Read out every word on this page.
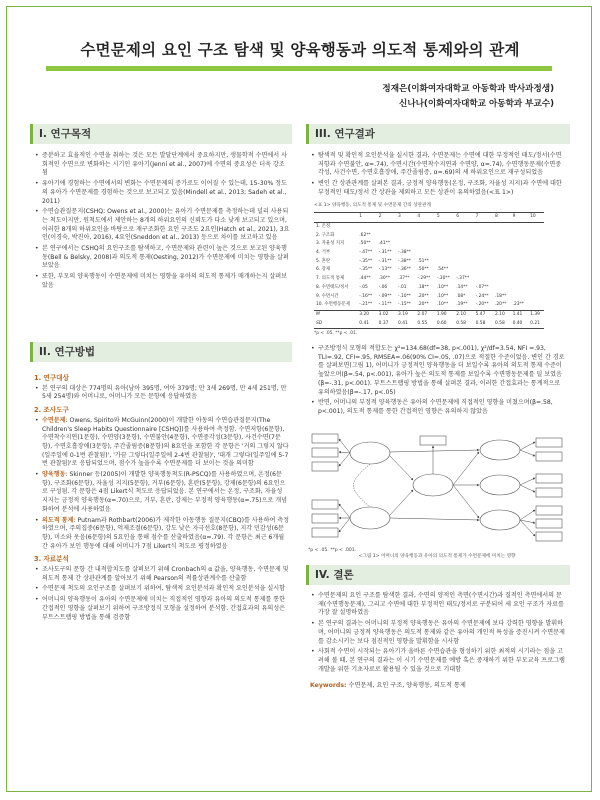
수면문제의 요인 구조 탐색 및 양육행동과 의도적 통제와의 관계
정재은(이화여자대학교 아동학과 박사과정생)
신나나(이화여자대학교 아동학과 부교수)
I. 연구목적
• 증분하고 효율적인 수면을 취하는 것은 모든 발달단계에서 중요하지만, 생물학적 수면에서 사회적인 수면으로 변화하는 시기인 유아기(Jenni et al., 2007)에 수면의 중요성은 더욱 강조됨
• 유아기에 경험하는 수면에서의 변화는 수면문제의 증가로도 이어질 수 있는데, 15-30% 정도의 유아가 수면문제를 경험하는 것으로 보고되고 있음(Mindell et al., 2013; Sadeh et al., 2011)
• 수면습관질문지(CSHQ; Owens et al., 2000)는 유아기 수면문제를 측정하는데 널리 사용되는 척도이지만, 원척도에서 제안하는 8개의 하위요인의 신뢰도가 다소 낮게 보고되고 있으며, 이러한 8개의 하위요인을 바탕으로 재구조화한 요인 구조도 2요인(Hatch et al., 2021), 3요인(이경숙, 박진아, 2016), 4요인(Sneddon et al., 2013) 등으로 차이를 보고하고 있음
• 본 연구에서는 CSHQ의 요인구조를 탐색하고, 수면문제와 관련이 높은 것으로 보고된 양육행동(Bell & Belsky, 2008)과 의도적 통제(Oesting, 2012)가 수면문제에 미치는 영향을 살펴보았음
• 또한, 부모의 양육행동이 수면문제에 미치는 영향을 유아의 의도적 통제가 매개하는지 살펴보았음
II. 연구방법
1. 연구대상
• 본 연구의 대상은 774명의 유아(남아 395명, 여아 379명; 만 3세 269명, 만 4세 251명, 만 5세 254명)와 어머니로, 어머니가 모든 문항에 응답하였음
2. 조사도구
• 수면문제: Owens, Spirito와 McGuinn(2000)이 개발한 아동의 수면습관질문지(The Children's Sleep Habits Questionnaire [CSHQ])를 사용하여 측정함. 수면저항(6문항), 수면착수지연(1문항), 수면양(3문항), 수면불안(4문항), 수면중각성(3문항), 사건수면(7문항), 수면호흡장애(3문항), 주간졸림증(8문항)의 8요인을 포함한 각 문항은 '거의 그렇지 않다(일주일에 0-1번 관찰됨)', '가끔 그렇다(일주일에 2-4번 관찰됨)', '대개 그렇다(일주일에 5-7번 관찰됨)'로 응답되었으며, 점수가 높을수록 수면문제를 더 보이는 것을 의미함
• 양육행동: Skinner 등(2005)이 개발한 양육행동척도(R-PSCQ)를 사용하였으며, 온정(6문항), 구조화(6문항), 자율성 지지(5문항), 거부(6문항), 혼란(5문항), 강제(6문항)의 6요인으로 구성됨. 각 문항은 4점 Likert식 척도로 응답되었음. 본 연구에서는 온정, 구조화, 자율성 지지는 긍정적 양육행동(α=.70)으로, 거부, 혼란, 강제는 부정적 양육행동(α=.75)으로 개념화하여 분석에 사용하였음
• 의도적 통제: Putnam과 Rothbart(2006)가 제작한 아동행동 질문지(CBQ)를 사용하여 측정하였으며, 주의집중(6문항), 억제조절(6문항), 강도 낮은 자극선호(8문항), 지각 민감성(6문항), 미소와 웃음(6문항)의 5요인을 통해 점수를 산출하였음(α=.79). 각 문항은 최근 6개월 간 유아가 보인 행동에 대해 어머니가 7점 Likert식 척도로 평정하였음
3. 자료분석
• 조사도구의 문항 간 내적합치도를 살펴보기 위해 Cronbach의 α 값을, 양육행동, 수면문제 및 의도적 통제 간 상관관계를 알아보기 위해 Pearson의 적률상관계수를 산출함
• 수면문제 척도의 요인구조를 살펴보기 위하여, 탐색적 요인분석과 확인적 요인분석을 실시함
• 어머니의 양육행동이 유아의 수면문제에 미치는 직접적인 영향과 유아의 의도적 통제를 통한 간접적인 영향을 살펴보기 위하여 구조방정식 모형을 설정하여 분석함. 간접효과의 유의성은 부트스트랩핑 방법을 통해 검증함
III. 연구결과
• 탐색적 및 확인적 요인분석을 실시한 결과, 수면문제는 수면에 대한 부정적인 태도/정서(수면저항과 수면불안, α=.74), 수면시간(수면착수지연과 수면양, α=.74), 수면행동문제(수면중각성, 사건수면, 수면호흡장애, 주간졸림증, α=.69)의 세 하위요인으로 재구성되었음
• 변인 간 상관관계를 살펴본 결과, 긍정적 양육행동(온정, 구조화, 자율성 지지)과 수면에 대한 부정적인 태도/정서 간 상관을 제외하고 모든 상관이 유의하였음(<표 1>)
<표 1> 양육행동, 의도적 통제 및 수면문제 간의 상관관계
	1	2	3	4	5	6	7	8	9	10
1. 온정										
2. 구조화	.62**									
3. 자율성 지지	.50**	.41**								
4. 거부	-.47**	-.31**	-.38**							
5. 혼란	-.35**	-.31**	-.38**	.51**						
6. 강제	-.35**	-.13**	-.36**	.50**	.54**					
7. 의도적 통제	.44**	.30**	.37**	-.29**	-.30**	-.37**				
8. 수면태도/정서	-.05	-.06	-.01	.18**	.10**	.14**	-.07**			
9. 수면시간	-.16**	-.09**	-.10**	.20**	.10**	.08*	-.24**	.18**		
10. 수면행동문제	-.21**	-.11**	-.15**	.20**	.10**	.19**	-.20**	.20**	.23**	
M	3.20	3.02	3.19	2.07	1.90	2.10	5.47	2.10	1.41	1.39
SD	0.41	0.37	0.41	0.55	0.60	0.58	0.58	0.58	0.40	0.21
*p < .05. **p < .01.
• 구조방정식 모형의 적합도는 χ²=134.68(df=38, p<.001), χ²/df=3.54, NFI =.93, TLI=.92, CFI=.95, RMSEA=.06(90% CI=.05, .07)으로 적절한 수준이었음. 변인 간 경로를 살펴보면(그림 1), 어머니가 긍정적인 양육행동을 더 보일수록 유아의 의도적 통제 수준이 높았으며(β=.54, p<.001), 유아가 높은 의도적 통제를 보일수록 수면행동문제를 덜 보였음(β=-.31, p<.001). 부트스트랩핑 방법을 통해 살펴본 결과, 이러한 간접효과는 통계적으로 유의하였음(β=-.17, p<.05)
• 반면, 어머니의 부정적 양육행동은 유아의 수면문제에 직접적인 영향을 미쳤으며(β=.58, p<.001), 의도적 통제를 통한 간접적인 영향은 유의하지 않았음
*p < .05. **p < .001.
<그림 1> 어머니의 양육행동과 유아의 의도적 통제가 수면문제에 미치는 영향
IV. 결론
• 수면문제의 요인 구조를 탐색한 결과, 수면의 양적인 측면(수면시간)과 질적인 측면에서의 문제(수면행동문제), 그리고 수면에 대한 부정적인 태도/정서로 구분되어 세 요인 구조가 자료를 가장 잘 설명하였음
• 본 연구의 결과는 어머니의 부정적 양육행동은 유아의 수면문제에 보다 강력한 영향을 발휘하며, 어머니의 긍정적 양육행동은 의도적 통제와 같은 유아의 개인적 특성을 증진시켜 수면문제를 감소시키는 보다 점진적인 영향을 발휘함을 시사함
• 사회적 수면이 시작되는 유아기가 올바른 수면습관을 형성하기 위한 최적의 시기라는 점을 고려해 볼 때, 본 연구의 결과는 이 시기 수면문제를 예방 혹은 중재하기 위한 부모교육 프로그램 개발을 위한 기초자료로 활용될 수 있을 것으로 기대함
Keywords: 수면문제, 요인 구조, 양육행동, 의도적 통제
